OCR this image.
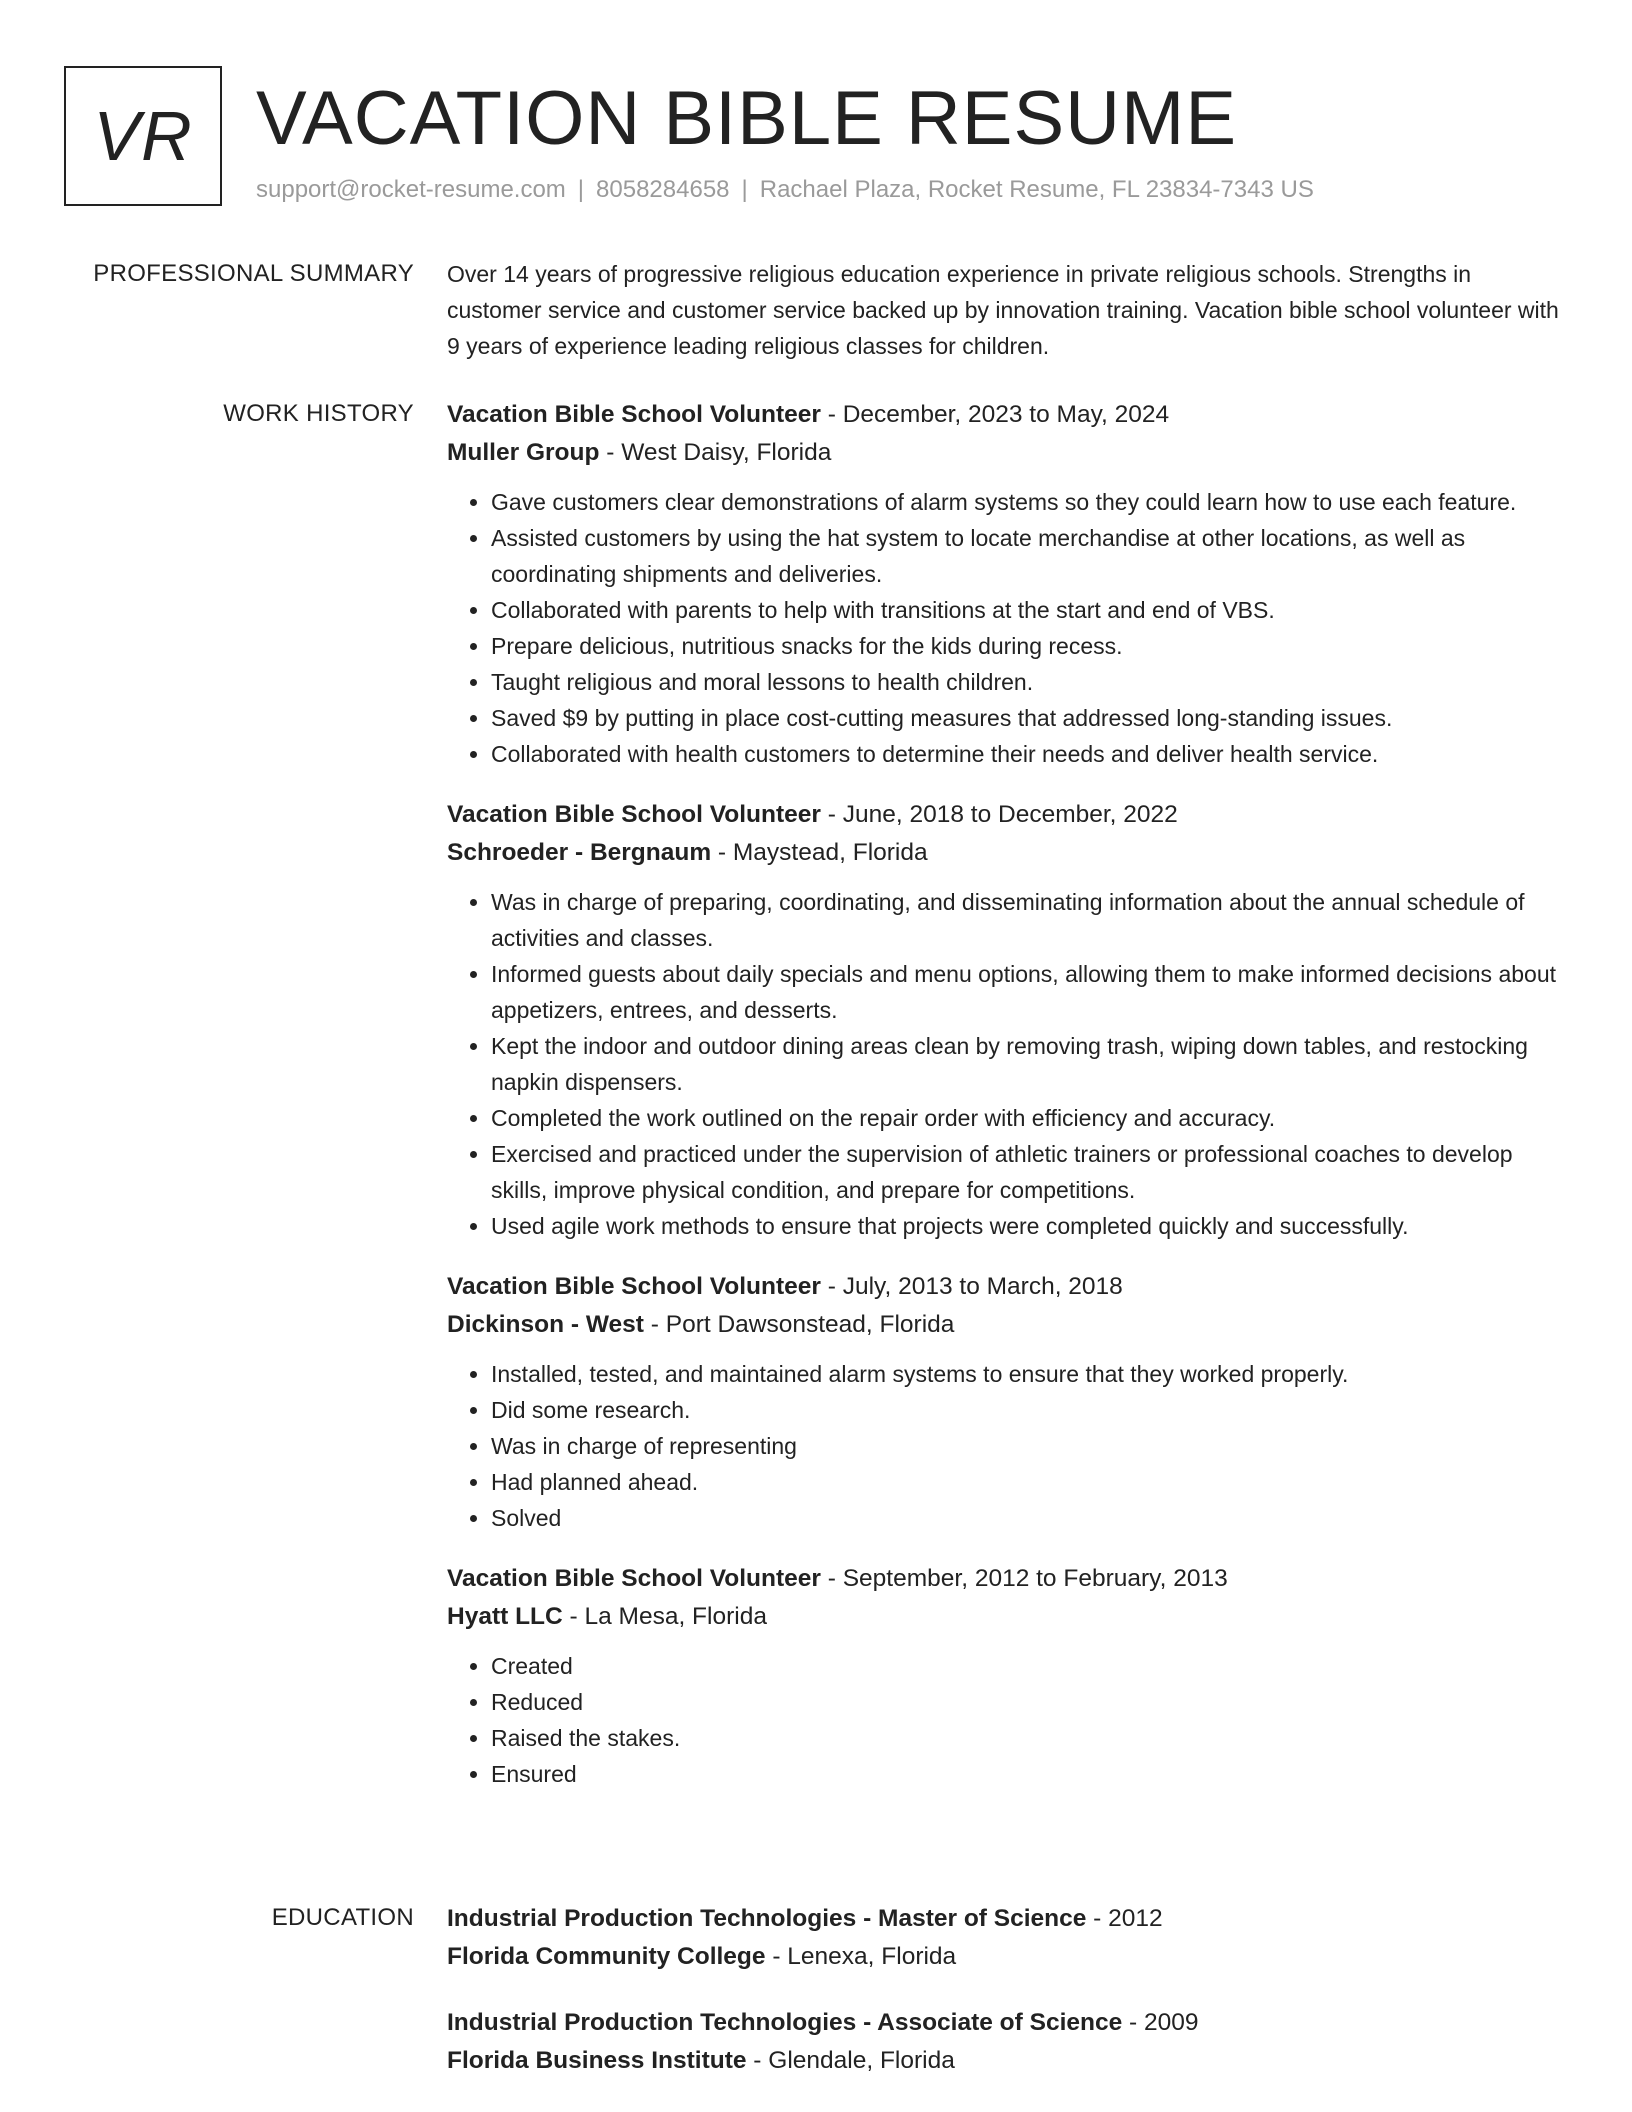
VR VACATION BIBLE RESUME
support@rocket-resume.com | 8058284658 | Rachael Plaza, Rocket Resume, FL 23834-7343 US
PROFESSIONAL SUMMARY Over 14 years of progressive religious education experience in private religious schools. Strengths in customer service and customer service backed up by innovation training. Vacation bible school volunteer with 9 years of experience leading religious classes for children.

WORK HISTORY Vacation Bible School Volunteer - December, 2023 to May, 2024
Muller Group - West Daisy, Florida
• Gave customers clear demonstrations of alarm systems so they could learn how to use each feature.
• Assisted customers by using the hat system to locate merchandise at other locations, as well as coordinating shipments and deliveries.
• Collaborated with parents to help with transitions at the start and end of VBS.
• Prepare delicious, nutritious snacks for the kids during recess.
• Taught religious and moral lessons to health children.
• Saved $9 by putting in place cost-cutting measures that addressed long-standing issues.
• Collaborated with health customers to determine their needs and deliver health service.
Vacation Bible School Volunteer - June, 2018 to December, 2022
Schroeder - Bergnaum - Maystead, Florida
• Was in charge of preparing, coordinating, and disseminating information about the annual schedule of activities and classes.
• Informed guests about daily specials and menu options, allowing them to make informed decisions about appetizers, entrees, and desserts.
• Kept the indoor and outdoor dining areas clean by removing trash, wiping down tables, and restocking napkin dispensers.
• Completed the work outlined on the repair order with efficiency and accuracy.
• Exercised and practiced under the supervision of athletic trainers or professional coaches to develop skills, improve physical condition, and prepare for competitions.
• Used agile work methods to ensure that projects were completed quickly and successfully.
Vacation Bible School Volunteer - July, 2013 to March, 2018
Dickinson - West - Port Dawsonstead, Florida
• Installed, tested, and maintained alarm systems to ensure that they worked properly.
• Did some research.
• Was in charge of representing
• Had planned ahead.
• Solved
Vacation Bible School Volunteer - September, 2012 to February, 2013
Hyatt LLC - La Mesa, Florida
• Created
• Reduced
• Raised the stakes.
• Ensured
EDUCATION Industrial Production Technologies - Master of Science - 2012
Florida Community College - Lenexa, Florida
Industrial Production Technologies - Associate of Science - 2009
Florida Business Institute - Glendale, Florida
